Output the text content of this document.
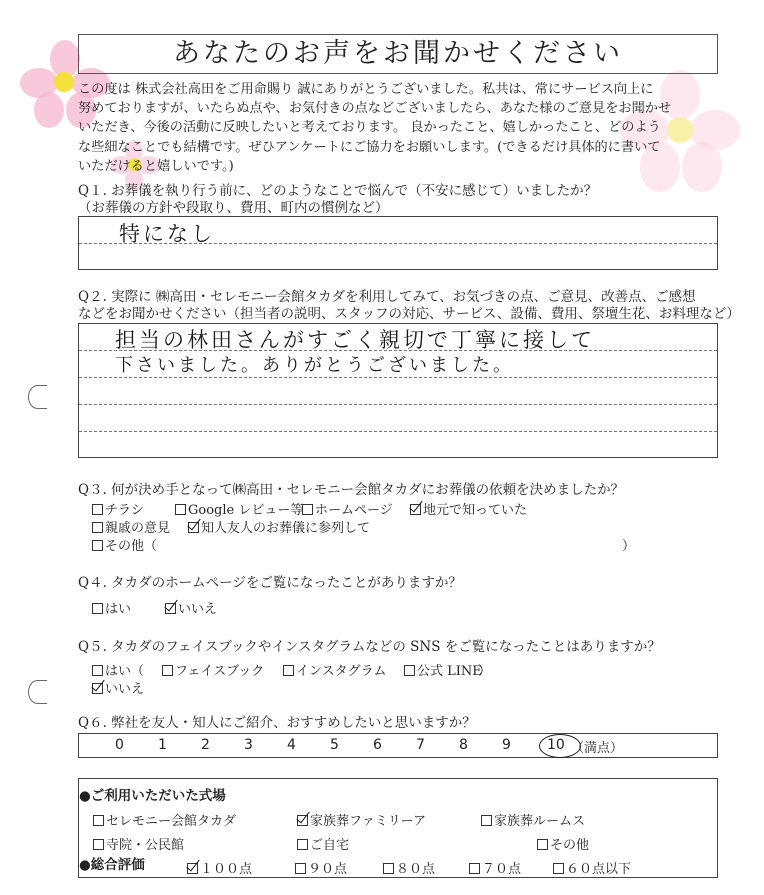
あなたのお声をお聞かせください
この度は 株式会社高田をご用命賜り 誠にありがとうございました。私共は、常にサービス向上に
努めておりますが、いたらぬ点や、お気付きの点などございましたら、あなた様のご意見をお聞かせ
いただき、今後の活動に反映したいと考えております。 良かったこと、嬉しかったこと、どのよう
な些細なことでも結構です。ぜひアンケートにご協力をお願いします。(できるだけ具体的に書いて
いただけると嬉しいです。)
Q１. お葬儀を執り行う前に、どのようなことで悩んで（不安に感じて）いましたか？
（お葬儀の方針や段取り、費用、町内の慣例など）
特になし
Q２. 実際に ㈱高田・セレモニー会館タカダを利用してみて、お気づきの点、ご意見、改善点、ご感想
などをお聞かせください（担当者の説明、スタッフの対応、サービス、設備、費用、祭壇生花、お料理など）
担当の林田さんがすごく親切で丁寧に接して
下さいました。ありがとうございました。
Q３. 何が決め手となって㈱高田・セレモニー会館タカダにお葬儀の依頼を決めましたか？
チラシ	Google レビュー等 ホームページ	地元で知っていた
親戚の意見	知人友人のお葬儀に参列して
その他（	）
Q４. タカダのホームページをご覧になったことがありますか？
はい	いいえ
Q５. タカダのフェイスブックやインスタグラムなどの SNS をご覧になったことはありますか？
はい（	フェイスブック	インスタグラム	公式 LINE
）
いいえ
Q６. 弊社を友人・知人にご紹介、おすすめしたいと思いますか？
0 1 2 3 4 5 6 7 8 9	10 （満点）
●ご利用いただいた式場
セレモニー会館タカダ	家族葬ファミリーア	家族葬ルームス
寺院・公民館	ご自宅	その他
●総合評価	１００点	９０点	８０点	７０点	６０点以下
